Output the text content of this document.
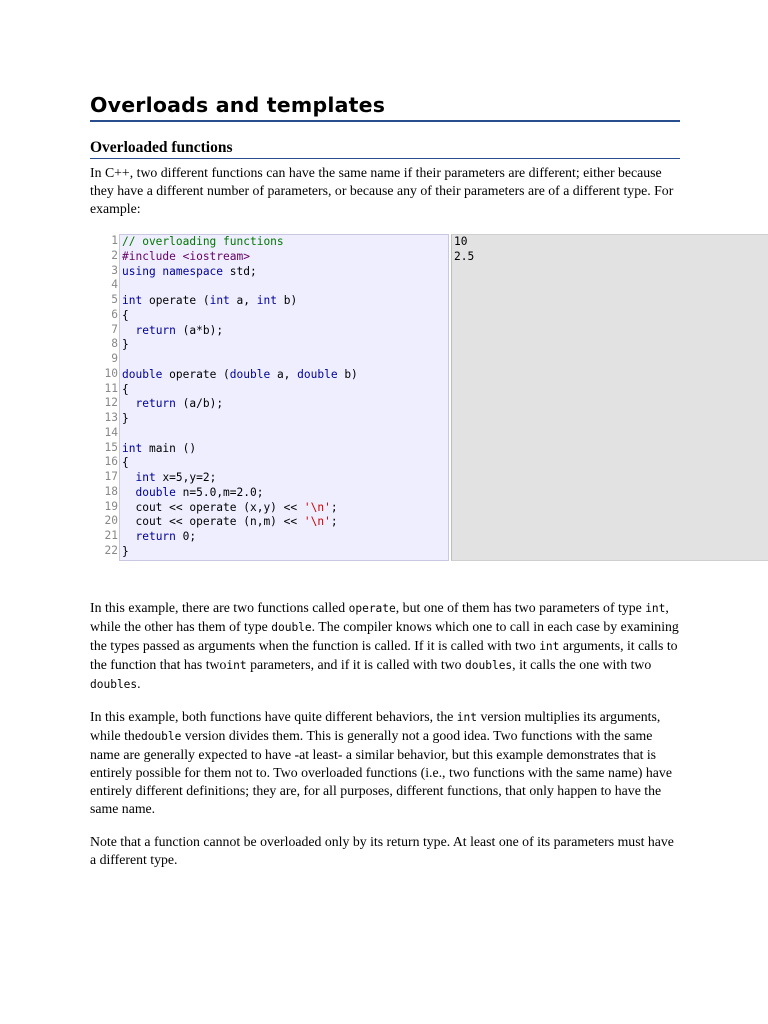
Overloads and templates
Overloaded functions

In C++, two different functions can have the same name if their parameters are different; either because they have a different number of parameters, or because any of their parameters are of a different type. For example:

1
2
3
4
5
6
7
8
9
10
11
12
13
14
15
16
17
18
19
20
21
22
// overloading functions
#include <iostream>
using namespace std;

int operate (int a, int b)
{
return (a*b);
}

double operate (double a, double b)
{
return (a/b);
}

int main ()
{
int x=5,y=2;
double n=5.0,m=2.0;
cout << operate (x,y) << '\n';
cout << operate (n,m) << '\n';
return 0;
}
10
2.5

In this example, there are two functions called operate, but one of them has two parameters of type int, while the other has them of type double. The compiler knows which one to call in each case by examining the types passed as arguments when the function is called. If it is called with two int arguments, it calls to the function that has twoint parameters, and if it is called with two doubles, it calls the one with two doubles.

In this example, both functions have quite different behaviors, the int version multiplies its arguments, while thedouble version divides them. This is generally not a good idea. Two functions with the same name are generally expected to have -at least- a similar behavior, but this example demonstrates that is entirely possible for them not to. Two overloaded functions (i.e., two functions with the same name) have entirely different definitions; they are, for all purposes, different functions, that only happen to have the same name.

Note that a function cannot be overloaded only by its return type. At least one of its parameters must have a different type.
